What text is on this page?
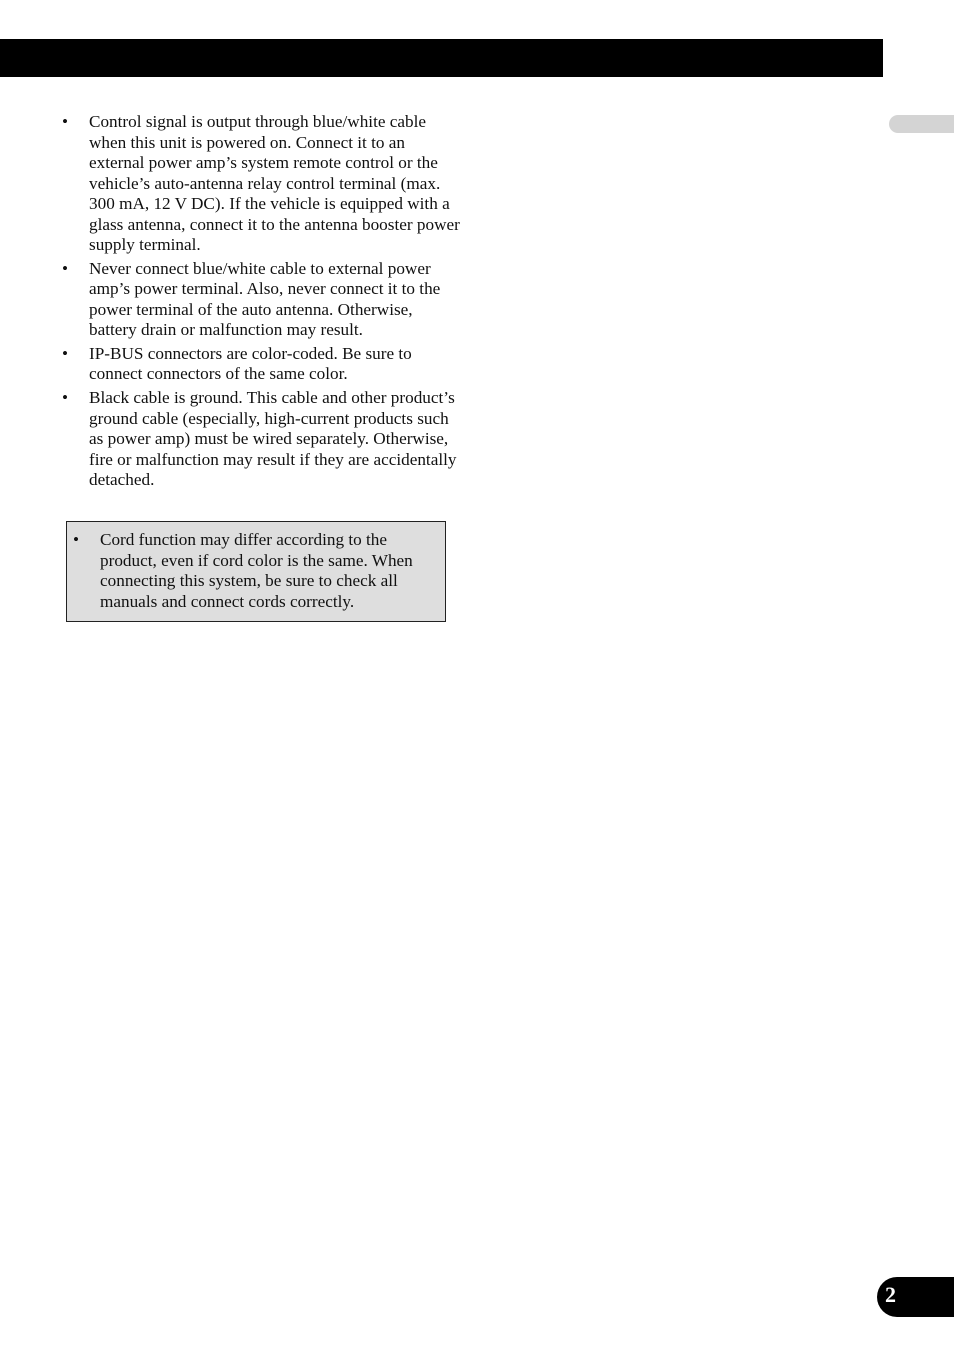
• Control signal is output through blue/white cable when this unit is powered on. Connect it to an external power amp’s system remote control or the vehicle’s auto-antenna relay control terminal (max. 300 mA, 12 V DC). If the vehicle is equipped with a glass antenna, connect it to the antenna booster power supply terminal.
• Never connect blue/white cable to external power amp’s power terminal. Also, never connect it to the power terminal of the auto antenna. Otherwise, battery drain or malfunction may result.
• IP-BUS connectors are color-coded. Be sure to connect connectors of the same color.
• Black cable is ground. This cable and other product’s ground cable (especially, high-current products such as power amp) must be wired separately. Otherwise, fire or malfunction may result if they are accidentally detached.
• Cord function may differ according to the product, even if cord color is the same. When connecting this system, be sure to check all manuals and connect cords correctly.
2
